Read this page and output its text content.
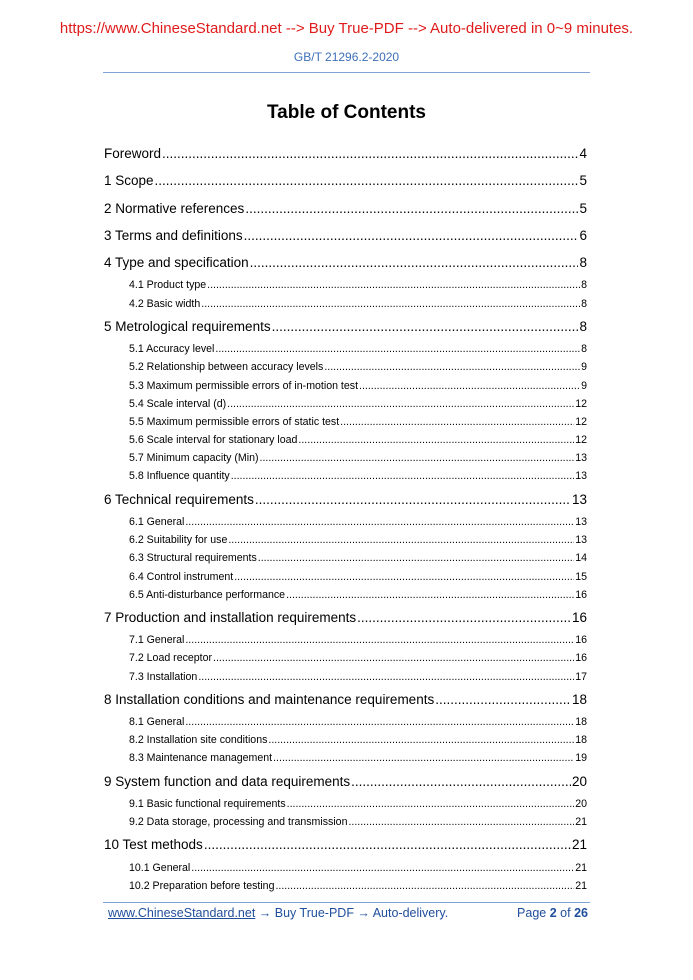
https://www.ChineseStandard.net --> Buy True-PDF --> Auto-delivered in 0~9 minutes.
GB/T 21296.2-2020
Table of Contents
Foreword .....	4
1 Scope .....	5
2 Normative references .....	5
3 Terms and definitions .....	6
4 Type and specification .....	8
4.1 Product type .....	8
4.2 Basic width .....	8
5 Metrological requirements .....	8
5.1 Accuracy level .....	8
5.2 Relationship between accuracy levels .....	9
5.3 Maximum permissible errors of in-motion test .....	9
5.4 Scale interval (d) .....	12
5.5 Maximum permissible errors of static test .....	12
5.6 Scale interval for stationary load .....	12
5.7 Minimum capacity (Min) .....	13
5.8 Influence quantity .....	13
6 Technical requirements .....	13
6.1 General .....	13
6.2 Suitability for use .....	13
6.3 Structural requirements .....	14
6.4 Control instrument .....	15
6.5 Anti-disturbance performance .....	16
7 Production and installation requirements .....	16
7.1 General .....	16
7.2 Load receptor .....	16
7.3 Installation .....	17
8 Installation conditions and maintenance requirements .....	18
8.1 General .....	18
8.2 Installation site conditions .....	18
8.3 Maintenance management .....	19
9 System function and data requirements .....	20
9.1 Basic functional requirements .....	20
9.2 Data storage, processing and transmission .....	21
10 Test methods .....	21
10.1 General .....	21
10.2 Preparation before testing .....	21
www.ChineseStandard.net → Buy True-PDF → Auto-delivery.	Page 2 of 26
